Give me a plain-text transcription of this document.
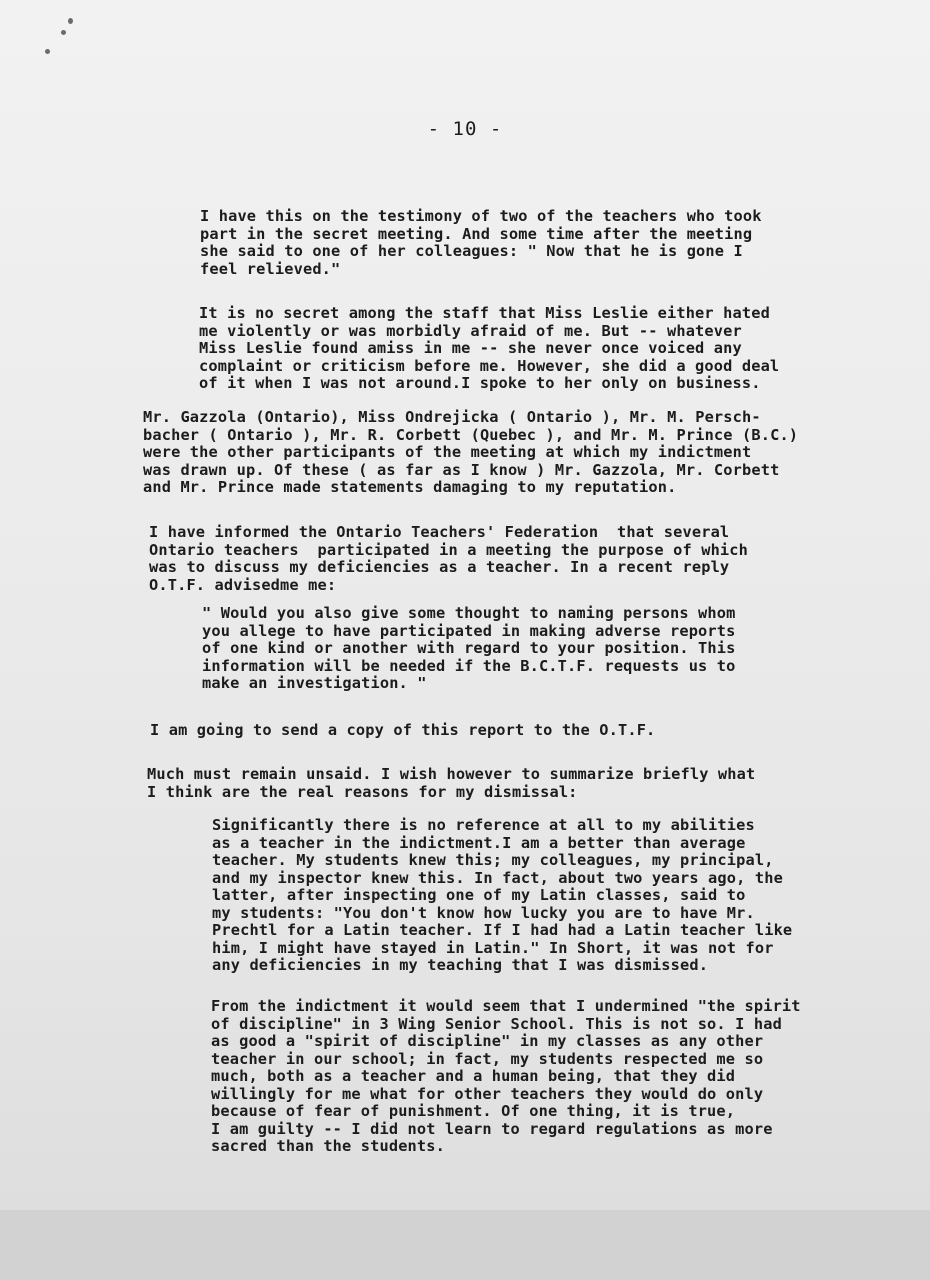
- 10 -

I have this on the testimony of two of the teachers who took
part in the secret meeting. And some time after the meeting
she said to one of her colleagues: " Now that he is gone I
feel relieved."

It is no secret among the staff that Miss Leslie either hated
me violently or was morbidly afraid of me. But -- whatever
Miss Leslie found amiss in me -- she never once voiced any
complaint or criticism before me. However, she did a good deal
of it when I was not around.I spoke to her only on business.

Mr. Gazzola (Ontario), Miss Ondrejicka ( Ontario ), Mr. M. Persch-
bacher ( Ontario ), Mr. R. Corbett (Quebec ), and Mr. M. Prince (B.C.)
were the other participants of the meeting at which my indictment
was drawn up. Of these ( as far as I know ) Mr. Gazzola, Mr. Corbett
and Mr. Prince made statements damaging to my reputation.

I have informed the Ontario Teachers' Federation  that several
Ontario teachers  participated in a meeting the purpose of which
was to discuss my deficiencies as a teacher. In a recent reply
O.T.F. advisedme me:

" Would you also give some thought to naming persons whom
you allege to have participated in making adverse reports
of one kind or another with regard to your position. This
information will be needed if the B.C.T.F. requests us to
make an investigation. "

I am going to send a copy of this report to the O.T.F.

Much must remain unsaid. I wish however to summarize briefly what
I think are the real reasons for my dismissal:

Significantly there is no reference at all to my abilities
as a teacher in the indictment.I am a better than average
teacher. My students knew this; my colleagues, my principal,
and my inspector knew this. In fact, about two years ago, the
latter, after inspecting one of my Latin classes, said to
my students: "You don't know how lucky you are to have Mr.
Prechtl for a Latin teacher. If I had had a Latin teacher like
him, I might have stayed in Latin." In Short, it was not for
any deficiencies in my teaching that I was dismissed.

From the indictment it would seem that I undermined "the spirit
of discipline" in 3 Wing Senior School. This is not so. I had
as good a "spirit of discipline" in my classes as any other
teacher in our school; in fact, my students respected me so
much, both as a teacher and a human being, that they did
willingly for me what for other teachers they would do only
because of fear of punishment. Of one thing, it is true,
I am guilty -- I did not learn to regard regulations as more
sacred than the students.
